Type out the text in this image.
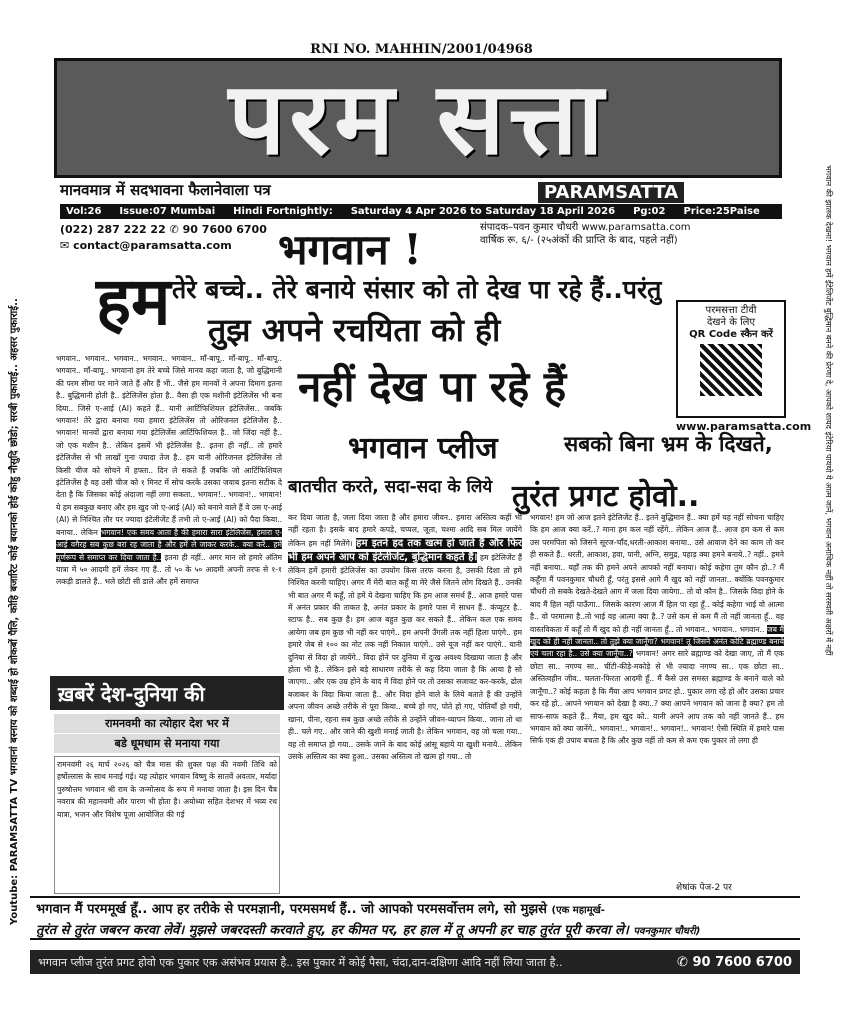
RNI NO. MAHHIN/2001/04968
परम सत्ता
मानवमात्र में सदभावना फैलानेवाला पत्र	PARAMSATTA
Vol:26 Issue:07 Mumbai Hindi Fortnightly: Saturday 4 Apr 2026 to Saturday 18 April 2026 Pg:02 Price:25Paise
(022) 287 222 22 ✆ 90 7600 6700
✉ contact@paramsatta.com	भगवान !	संपादक–पवन कुमार चौधरी www.paramsatta.com
वार्षिक रू. ६/- (२५अंकों की प्राप्ति के बाद, पहले नहीं)
हम तेरे बच्चे.. तेरे बनाये संसार को तो देख पा रहे हैं..परंतु
तुझ अपने रचयिता को ही
नहीं देख पा रहे हैं
परमसत्ता टीवी
देखने के लिए
QR Code स्कैन करें
www.paramsatta.com
भगवान प्लीज	सबको बिना भ्रम के दिखते,
बातचीत करते, सदा-सदा के लिये तुरंत प्रगट होवो..
भगवान.. भगवान.. भगवान.. भगवान.. भगवान.. माँ-बापू.. माँ-बापू.. माँ-बापू.. भगवान.. माँ-बापू.. भगवानां हम तेरे बच्चे जिसे मानव कहा जाता है, जो बुद्धिमानी की परम सीमा पर माने जाते हैं और हैं भी.. जैसे हम मानवों ने अपना दिमाग इतना है.. बुद्धिमानी होती है.. इंटेलिजेंस होता है.. वैसा ही एक मशीनी इंटेलिजेंस भी बना दिया.. जिसे ए-आई (AI) कहते हैं.. यानी आर्टिफिशियल इंटेलिजेंस.. जबकि भगवान! तेरे द्वारा बनाया गया हमारा इंटेलिजेंस तो ओरिजनल इंटेलिजेंस है.. भगवान! मानवों द्वारा बनाया गया इंटेलिजेंस आर्टिफिशियल है.. जो जिंदा नहीं है.. जो एक मशीन है.. लेकिन इसमें भी इंटेलिजेंस है.. इतना ही नहीं.. तो हमारे इंटेलिजेंस से भी लाखों गुना ज्यादा तेज है.. हम यानी ओरिजनल इंटेलिजेंस तो किसी चीज को सोचने में हफ्ता.. दिन ले सकते हैं जबकि जो आर्टिफिशियल इंटेलिजेंस है वह उसी चीज को १ मिनट में सोच करके उसका जवाब इतना सटीक दे देता है कि जिसका कोई अंदाजा नहीं लगा सकता.. भगवान!.. भगवान!.. भगवान! ये हम सबकुछ बनाए और हम खुद जो ए-आई (AI) को बनाने वाले हैं वे उस ए-आई (AI) से निश्चित तौर पर ज्यादा इंटेलीजेंट हैं तभी तो ए-आई (AI) को पैदा किया.. बनाया.. लेकिन भगवान! एक समय आता है की हमारा सारा इंटेलिजेंस, हमारा ए-आई वगैरह सब कुछ बरा रह जाता है और हमें ले जाकर करके.. क्या करें.. हमें पूर्णरूप से समाप्त कर दिया जाता है.. इतना ही नहीं.. अगर मान लो हमारे अंतिम यात्रा में ५० आदमी हमें लेकर गए हैं.. तो ५० के ५० आदमी अपनी तरफ से १-१ लकड़ी डालते हैं.. भले छोटी सी डाले और हमें समाप्त
कर दिया जाता है, जला दिया जाता है और हमारा जीवन.. हमारा अस्तित्व कहीं भी नहीं रहता है। इसके बाद हमारे कपड़े, चप्पल, जूता, चश्मा आदि सब मिल जायेंगे लेकिन हम नहीं मिलेंगे। हम इतने हद तक खत्म हो जाते हैं और फिर भी हम अपने आप को इंटेलीजेंट, बुद्धिमान कहते हैं। हम इंटेलिजेंट हैं लेकिन हमें हमारी इंटेलिजेंस का उपयोग किस तरफ करना है, उसकी दिशा तो हमें निश्चित करनी चाहिए। अगर मैं मेरी बात कहूँ या मेरे जैसे जितने लोग दिखते हैं.. उनकी भी बात अगर मैं कहूँ, तो हमें ये देखना चाहिए कि हम आज समर्थ हैं.. आज हमारे पास में अनंत प्रकार की ताकत है, अनंत प्रकार के हमारे पास में साधन हैं.. कंप्यूटर है.. स्टाफ है.. सब कुछ है। हम आज बहुत कुछ कर सकते हैं.. लेकिन कल एक समय आयेगा जब हम कुछ भी नहीं कर पाएंगे.. हम अपनी उँगली तक नहीं हिला पाएंगे.. हम हमारे जेब से १०० का नोट तक नहीं निकाल पाएंगे.. उसे यूज नहीं कर पाएंगे.. यानी दुनिया से विदा हो जायेंगे.. विदा होने पर दुनिया में दुःख अवश्य दिखाया जाता है और होता भी है.. लेकिन इसे बड़े साधारण तरीके से कह दिया जाता है कि आया है सो जाएगा.. और एक उम्र होने के बाद में विदा होने पर तो उसका सजावट कर-करके, ढोल बजाकर के विदा किया जाता है.. और विदा होने वाले के लिये बताते हैं की उन्होंने अपना जीवन अच्छे तरीके से पूरा किया.. बच्चे हो गए, पोते हो गए, पोतियाँ हो गयी, खाना, पीना, रहना सब कुछ अच्छे तरीके से उन्होंने जीवन-व्यापन किया.. जाना तो था ही.. चले गए.. और जाने की खुशी मनाई जाती है। लेकिन भगवान, वह जो चला गया.. वह तो समाप्त हो गया.. उसके जाने के बाद कोई आंसू बहाये या खुशी मनाये.. लेकिन उसके अस्तित्व का क्या हुआ.. उसका अस्तित्व तो खत्म हो गया.. तो
भगवान! हम जो आज इतने इंटेलिजेंट हैं.. इतने बुद्धिमान हैं.. क्या हमें यह नहीं सोचना चाहिए कि हम आज क्या करें..? माना हम कल नहीं रहेंगे.. लेकिन आज हैं.. आज हम कम से कम उस परमपिता को जिसने सूरज-चाँद,धरती-आकाश बनाया.. उसे आवाज देने का काम तो कर ही सकते हैं.. धरती, आकाश, हवा, पानी, अग्नि, समुद्र, पहाड़ क्या हमने बनाये..? नहीं.. हमने नहीं बनाया.. यहाँ तक की हमने अपने आपको नहीं बनाया। कोई कहेगा तुम कौन हो..? मैं कहूँगा मैं पवनकुमार चौधरी हूँ, परंतु इससे आगे मैं खुद को नहीं जानता.. क्योंकि पवनकुमार चौधरी तो सबके देखते-देखते आग में जला दिया जायेगा.. तो वो कौन है.. जिसके विदा होने के बाद मैं हिल नहीं पाऊँगा.. जिसके कारण आज मैं हिल पा रहा हूँ.. कोई कहेगा भाई वो आत्मा है.. वो परमात्मा है..तो भाई वह आत्मा क्या है..? उसे कम से कम मैं तो नहीं जानता हूँ.. वह वास्तविकता में कहूँ तो मैं खुद को ही नहीं जानता हूँ.. तो भगवान.. भगवान.. भगवान.. जब मैं खुद को ही नहीं जानता.. तो तुझे क्या जानूँगा? भगवान! तू जिसने अनंत कोटि ब्रह्माण्ड बनाये एवं चला रहा है.. उसे क्या जानूँगा..? भगवान! अगर सारे ब्रह्माण्ड को देखा जाए, तो मैं एक छोटा सा.. नगण्य सा.. चींटी-कीड़े-मकोड़े से भी ज्यादा नगण्य सा.. एक छोटा सा.. अस्तित्वहीन जीव.. चलता-फिरता आदमी हूँ.. मैं कैसे उस समस्त ब्रह्माण्ड के बनाने वाले को जानूँगा..? कोई कहता है कि मैंया आप भगवान प्रगट हो.. पुकार लगा रहे हो और उसका प्रचार कर रहे हो.. आपने भगवान को देखा है क्या..? क्या आपने भगवान को जाना है क्या? हम तो साफ-साफ कहते हैं.. मैया, हम खुद को.. यानी अपने आप तक को नहीं जानते हैं.. हम भगवान को क्या जानेंगे.. भगवान!.. भगवान!.. भगवान!.. भगवान! ऐसी स्थिति में हमारे पास सिर्फ एक ही उपाय बचता है कि और कुछ नहीं तो कम से कम एक पुकार तो लगा ही
शेषांक पेज-2 पर
ख़बरें देश-दुनिया की
रामनवमी का त्योहार देश भर में
बडे धूमधाम से मनाया गया
रामनवमी २६ मार्च २०२६ को चैत्र मास की शुक्ल पक्ष की नवमी तिथि को हर्षोल्लास के साथ मनाई गई। यह त्योहार भगवान विष्णु के सातवें अवतार, मर्यादा पुरुषोत्तम भगवान श्री राम के जन्मोत्सव के रूप में मनाया जाता है। इस दिन चैत्र नवरात्र की महानवमी और पारण भी होता है। अयोध्या सहित देशभर में भव्य रथ यात्रा, भजन और विशेष पूजा आयोजित की गई
भगवान मैं परममूर्ख हूँ.. आप हर तरीके से परमज्ञानी, परमसमर्थ हैं.. जो आपको परमसर्वोत्तम लगे, सो मुझसे (एक महामूर्ख-
तुरंत से तुरंत जबरन करवा लेवें। मुझसे जबरदस्ती करवाते हुए, हर कीमत पर, हर हाल में तू अपनी हर चाह तुरंत पूरी करवा ले। पवनकुमार चौधरी)
भगवान प्लीज तुरंत प्रगट होवो एक पुकार एक असंभव प्रयास है.. इस पुकार में कोई पैसा, चंदा,दान-दक्षिणा आदि नहीं लिया जाता है..	✆ 90 7600 6700
Youtube: PARAMSATTA TV भगवानां बस्नाय को शब्दाई हो शोकबों पैलि, कोहि बजारिट कोई बयानको होई कोहु नौसुदि छोडो; सरबी पुकाराई.. अहसर पुकाराई..	भगवान की झालक देखना! भगवान हमें ईंटेलिजेंट बुद्धिमान बनने की प्रेरणा दे, आपको शायद इंटेरिया पायथो ये आत्म जानें, भगवान अनाथिक नहीं तो सरस्वती अक्षरों में नहीं
